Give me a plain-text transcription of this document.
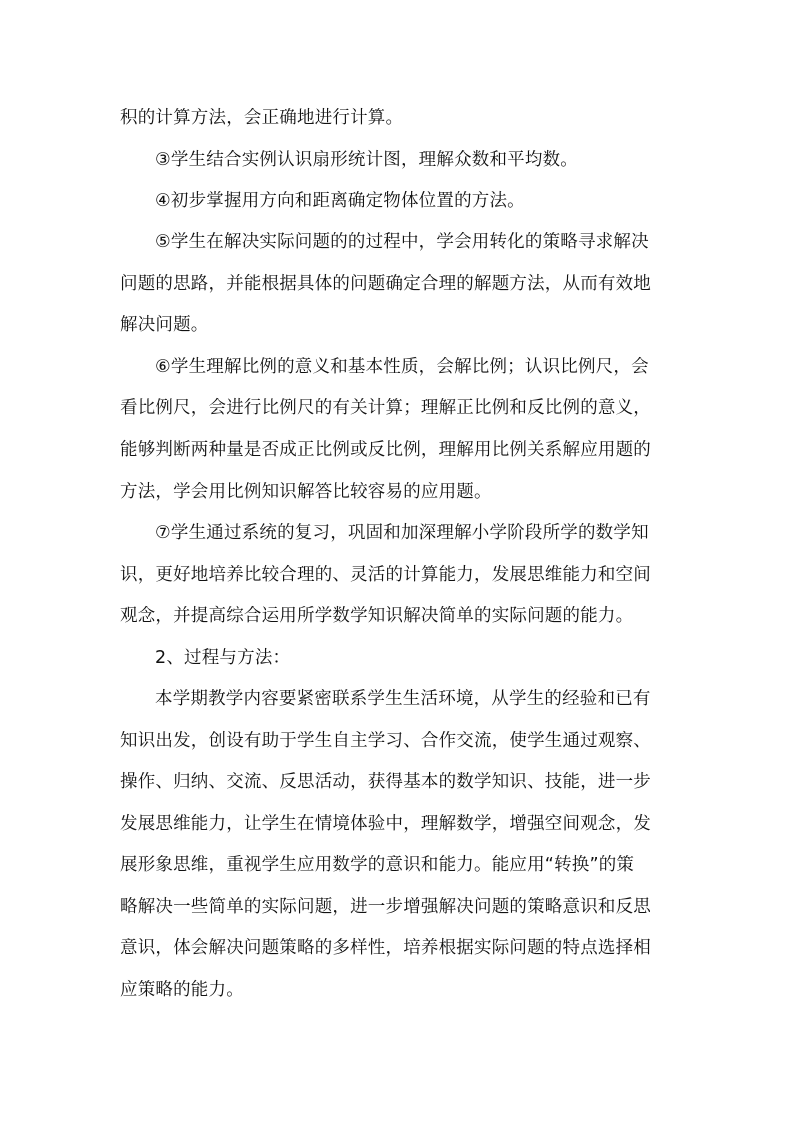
积的计算方法，会正确地进行计算。
③学生结合实例认识扇形统计图，理解众数和平均数。
④初步掌握用方向和距离确定物体位置的方法。
⑤学生在解决实际问题的的过程中，学会用转化的策略寻求解决
问题的思路，并能根据具体的问题确定合理的解题方法，从而有效地
解决问题。
⑥学生理解比例的意义和基本性质，会解比例；认识比例尺，会
看比例尺，会进行比例尺的有关计算；理解正比例和反比例的意义，
能够判断两种量是否成正比例或反比例，理解用比例关系解应用题的
方法，学会用比例知识解答比较容易的应用题。
⑦学生通过系统的复习，巩固和加深理解小学阶段所学的数学知
识，更好地培养比较合理的、灵活的计算能力，发展思维能力和空间
观念，并提高综合运用所学数学知识解决简单的实际问题的能力。
2、过程与方法：
本学期教学内容要紧密联系学生生活环境，从学生的经验和已有
知识出发，创设有助于学生自主学习、合作交流，使学生通过观察、
操作、归纳、交流、反思活动，获得基本的数学知识、技能，进一步
发展思维能力，让学生在情境体验中，理解数学，增强空间观念，发
展形象思维，重视学生应用数学的意识和能力。能应用“转换”的策
略解决一些简单的实际问题，进一步增强解决问题的策略意识和反思
意识，体会解决问题策略的多样性，培养根据实际问题的特点选择相
应策略的能力。
